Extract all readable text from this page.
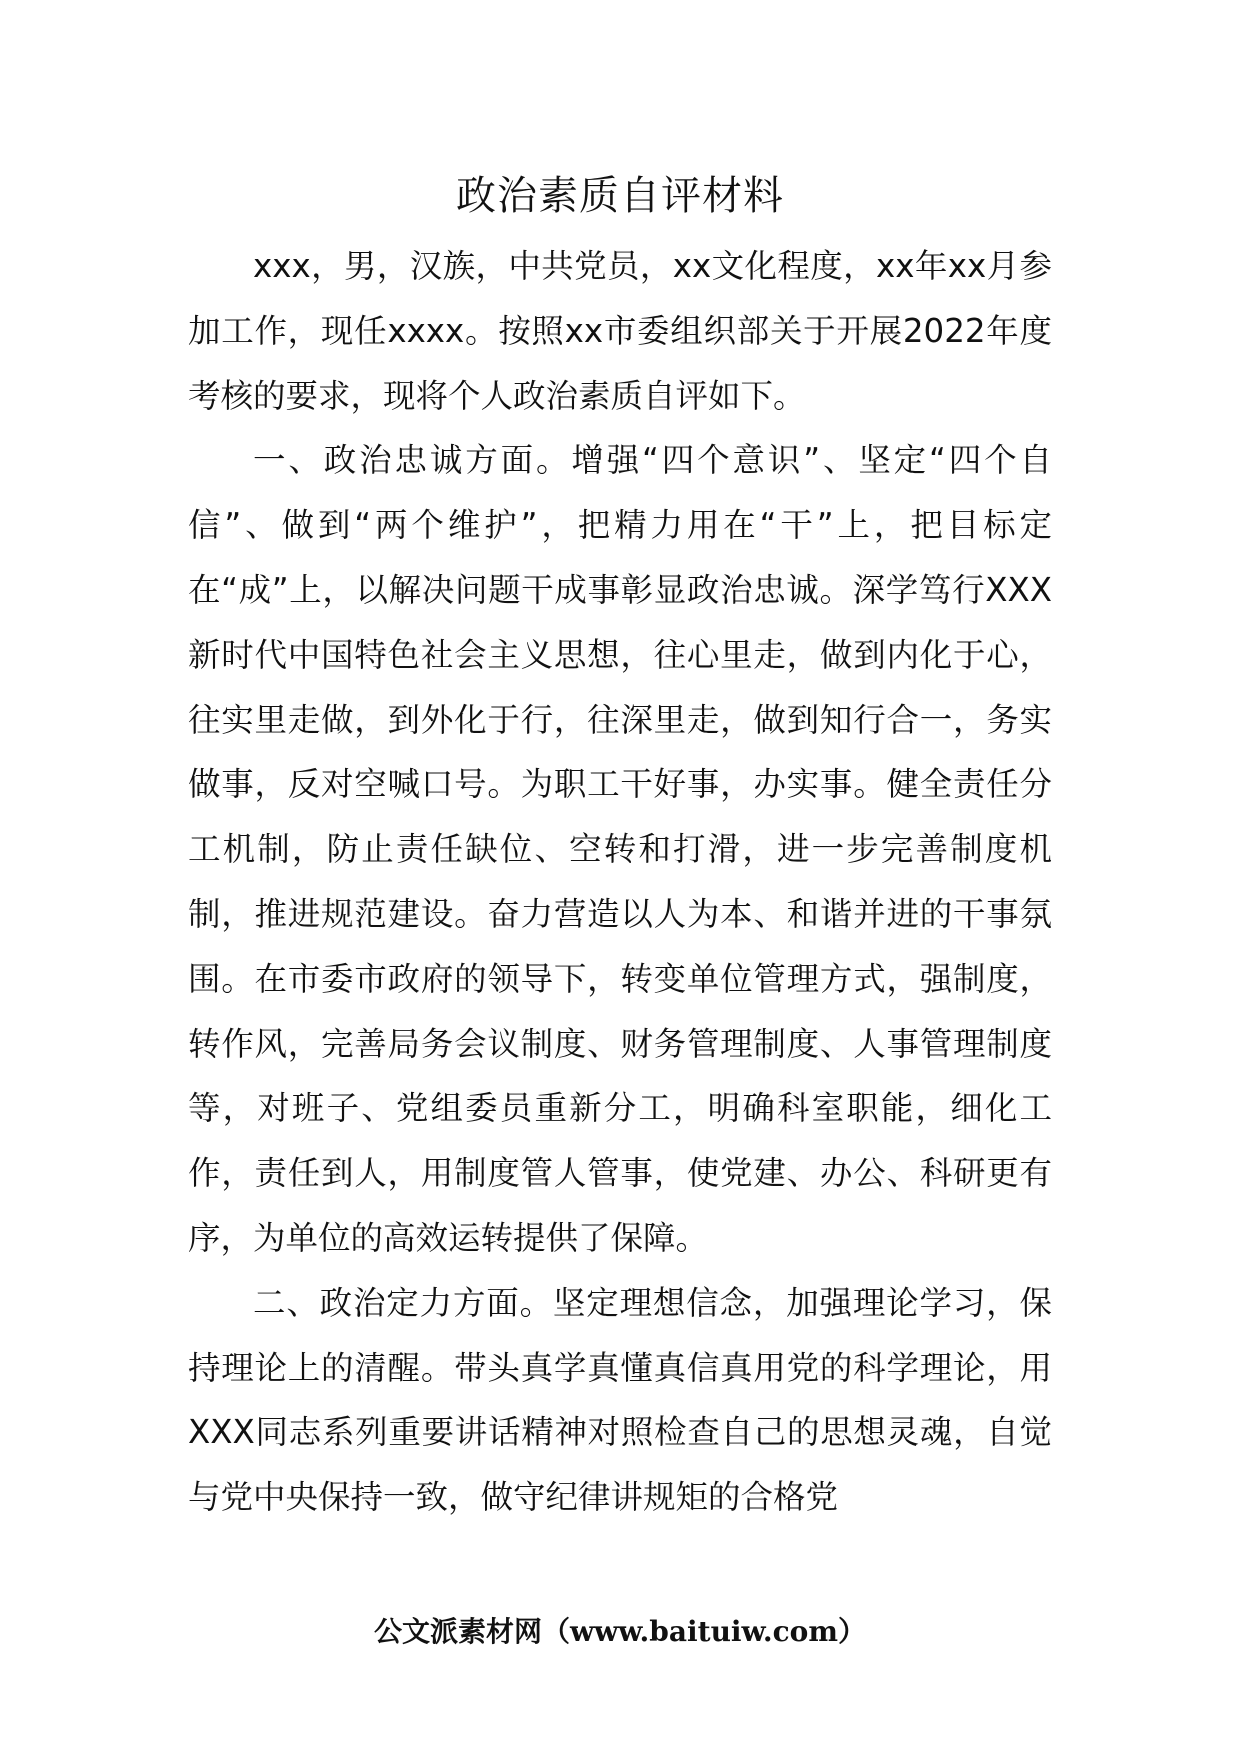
政治素质自评材料

xxx，男，汉族，中共党员，xx文化程度，xx年xx月参加工作，现任xxxx。按照xx市委组织部关于开展2022年度考核的要求，现将个人政治素质自评如下。

一、政治忠诚方面。增强“四个意识”、坚定“四个自信”、做到“两个维护”，把精力用在“干”上，把目标定在“成”上，以解决问题干成事彰显政治忠诚。深学笃行XXX新时代中国特色社会主义思想，往心里走，做到内化于心，往实里走做，到外化于行，往深里走，做到知行合一，务实做事，反对空喊口号。为职工干好事，办实事。健全责任分工机制，防止责任缺位、空转和打滑，进一步完善制度机制，推进规范建设。奋力营造以人为本、和谐并进的干事氛围。在市委市政府的领导下，转变单位管理方式，强制度，转作风，完善局务会议制度、财务管理制度、人事管理制度等，对班子、党组委员重新分工，明确科室职能，细化工作，责任到人，用制度管人管事，使党建、办公、科研更有序，为单位的高效运转提供了保障。

二、政治定力方面。坚定理想信念，加强理论学习，保持理论上的清醒。带头真学真懂真信真用党的科学理论，用XXX同志系列重要讲话精神对照检查自己的思想灵魂，自觉与党中央保持一致，做守纪律讲规矩的合格党

公文派素材网（www.baituiw.com）
